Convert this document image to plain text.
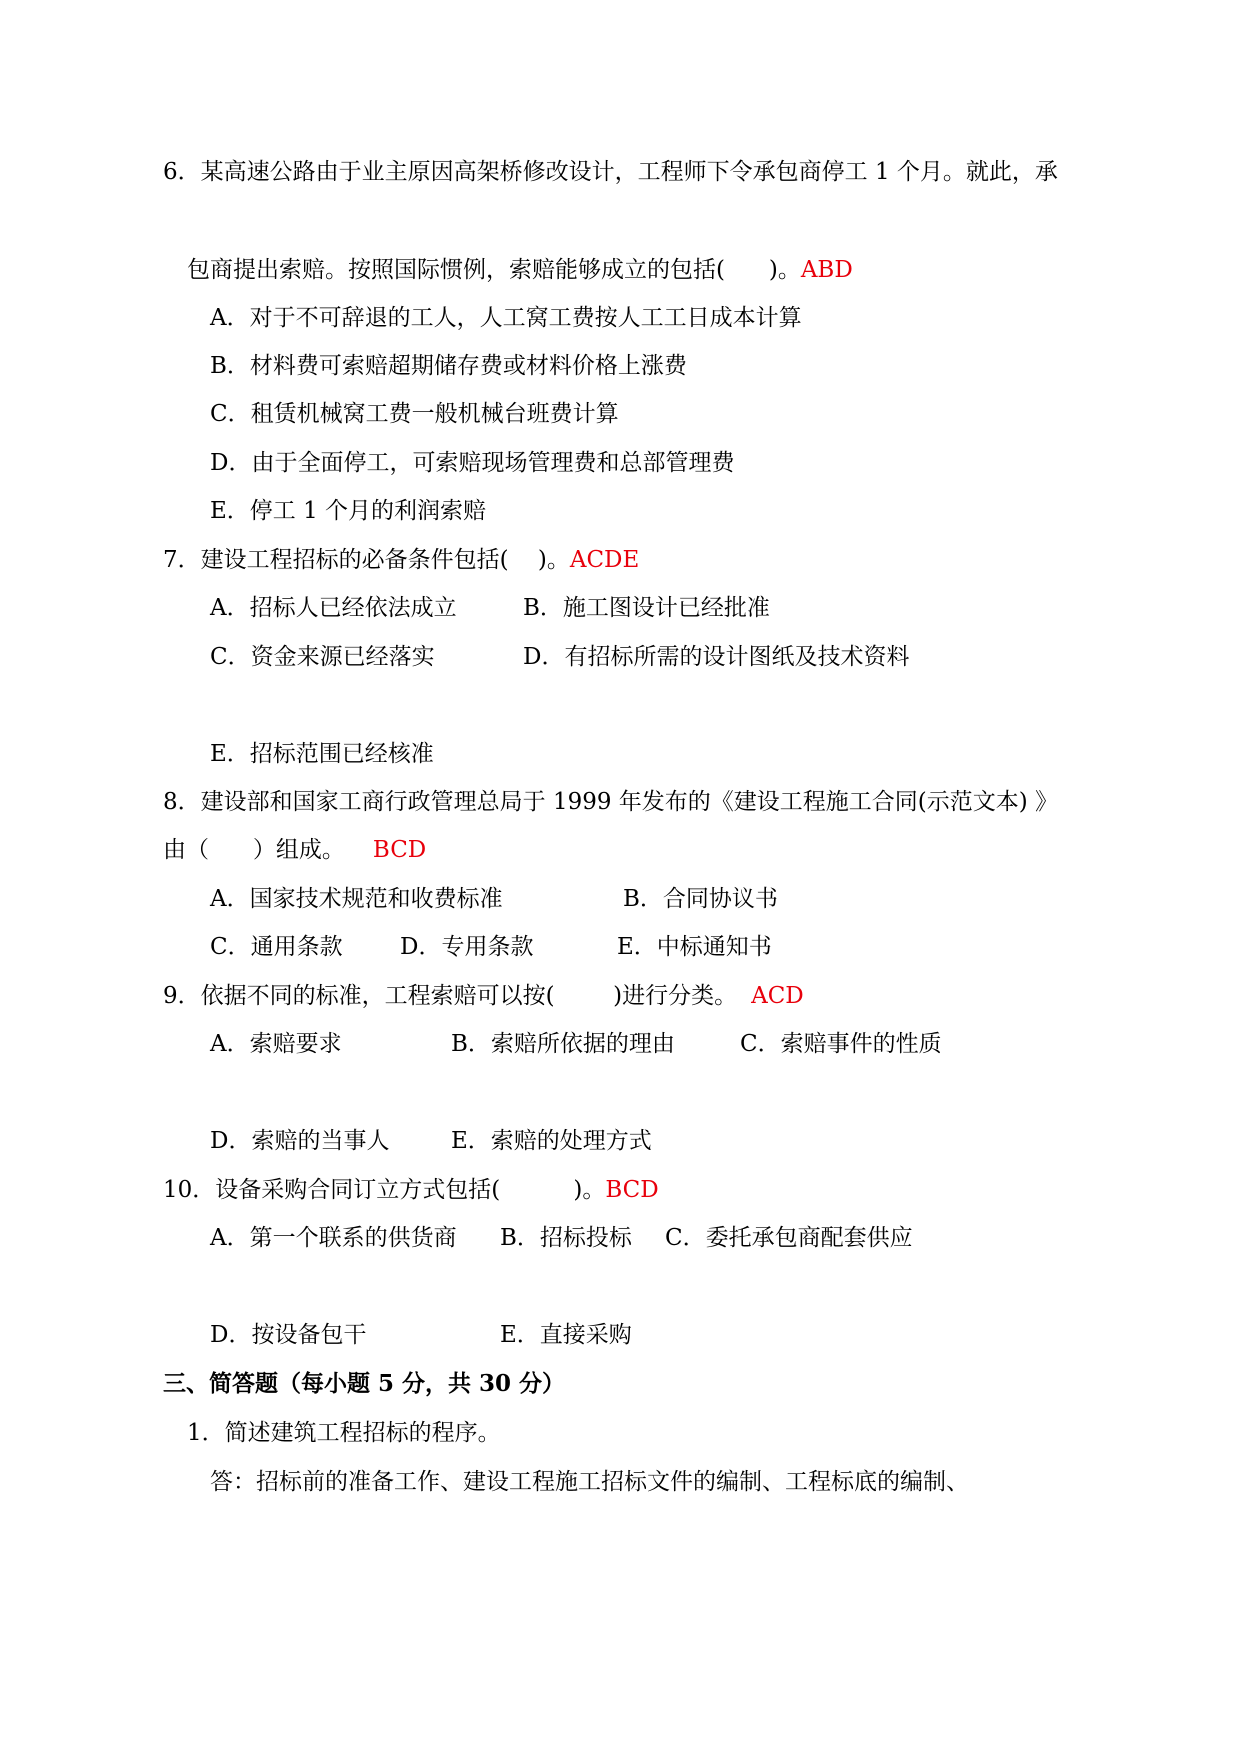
6．某高速公路由于业主原因高架桥修改设计，工程师下令承包商停工 1 个月。就此，承
包商提出索赔。按照国际惯例，索赔能够成立的包括(      )。ABD
A．对于不可辞退的工人，人工窝工费按人工工日成本计算
B．材料费可索赔超期储存费或材料价格上涨费
C．租赁机械窝工费一般机械台班费计算
D．由于全面停工，可索赔现场管理费和总部管理费
E．停工 1 个月的利润索赔
7．建设工程招标的必备条件包括(    )。ACDE
A．招标人已经依法成立	B．施工图设计已经批准
C．资金来源已经落实	D．有招标所需的设计图纸及技术资料
E．招标范围已经核准
8．建设部和国家工商行政管理总局于 1999 年发布的《建设工程施工合同(示范文本) 》
由（      ）组成。 BCD
A．国家技术规范和收费标准	B．合同协议书
C．通用条款 D．专用条款	E．中标通知书
9．依据不同的标准，工程索赔可以按(        )进行分类。 ACD
A．索赔要求	B．索赔所依据的理由	C．索赔事件的性质
D．索赔的当事人	E．索赔的处理方式
10．设备采购合同订立方式包括(          )。BCD
A．第一个联系的供货商 B．招标投标 C．委托承包商配套供应
D．按设备包干	E．直接采购
三、简答题（每小题 5 分，共 30 分）
1．简述建筑工程招标的程序。
答：招标前的准备工作、建设工程施工招标文件的编制、工程标底的编制、
